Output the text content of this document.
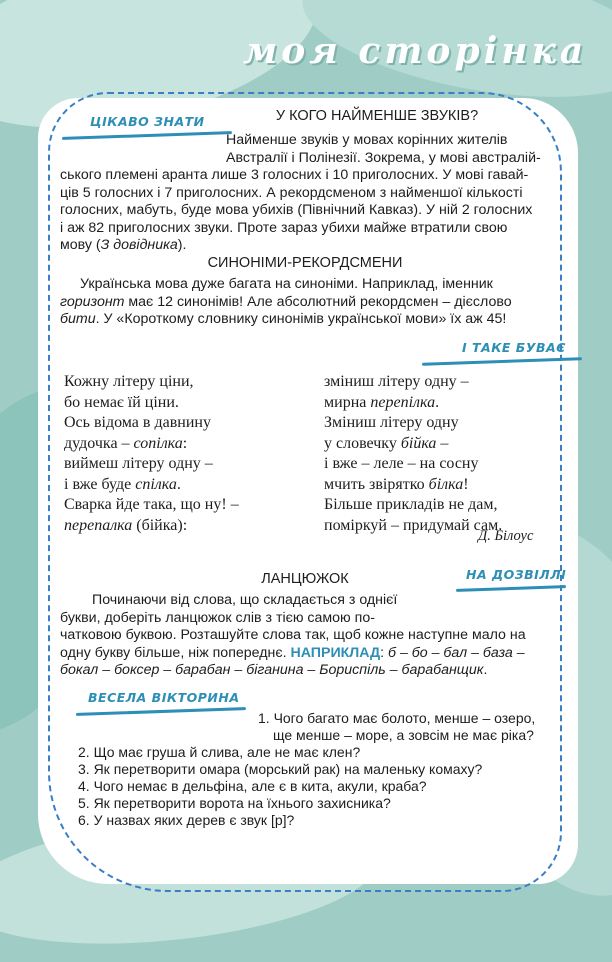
моя сторінка
ЦІКАВО ЗНАТИ	У КОГО НАЙМЕНШЕ ЗВУКІВ?
Найменше звуків у мовах корінних жителів
Австралії і Полінезії. Зокрема, у мові австралій-
ського племені аранта лише 3 голосних і 10 приголосних. У мові гавай-
ців 5 голосних і 7 приголосних. А рекордсменом з найменшої кількості
голосних, мабуть, буде мова убихів (Північний Кавказ). У ній 2 голосних
і аж 82 приголосних звуки. Проте зараз убихи майже втратили свою
мову (З довідника).
СИНОНІМИ-РЕКОРДСМЕНИ
Українська мова дуже багата на синоніми. Наприклад, іменник
горизонт має 12 синонімів! Але абсолютний рекордсмен – дієслово
бити. У «Короткому словнику синонімів української мови» їх аж 45!
І ТАКЕ БУВАЄ
Кожну літеру ціни,
бо немає їй ціни.
Ось відома в давнину
дудочка – сопілка:
виймеш літеру одну –
і вже буде спілка.
Сварка йде така, що ну! –
перепалка (бійка):
зміниш літеру одну –
мирна перепілка.
Зміниш літеру одну
у словечку бійка –
і вже – леле – на сосну
мчить звірятко білка!
Більше прикладів не дам,
поміркуй – придумай сам.
Д. Білоус
ЛАНЦЮЖОК	НА ДОЗВІЛЛІ
Починаючи від слова, що складається з однієї
букви, доберіть ланцюжок слів з тією самою по-
чатковою буквою. Розташуйте слова так, щоб кожне наступне мало на
одну букву більше, ніж попереднє. НАПРИКЛАД: б – бо – бал – база –
бокал – боксер – барабан – біганина – Бориспіль – барабанщик.
ВЕСЕЛА ВІКТОРИНА
1. Чого багато має болото, менше – озеро,
ще менше – море, а зовсім не має ріка?
2. Що має груша й слива, але не має клен?
3. Як перетворити омара (морський рак) на маленьку комаху?
4. Чого немає в дельфіна, але є в кита, акули, краба?
5. Як перетворити ворота на їхнього захисника?
6. У назвах яких дерев є звук [р]?
